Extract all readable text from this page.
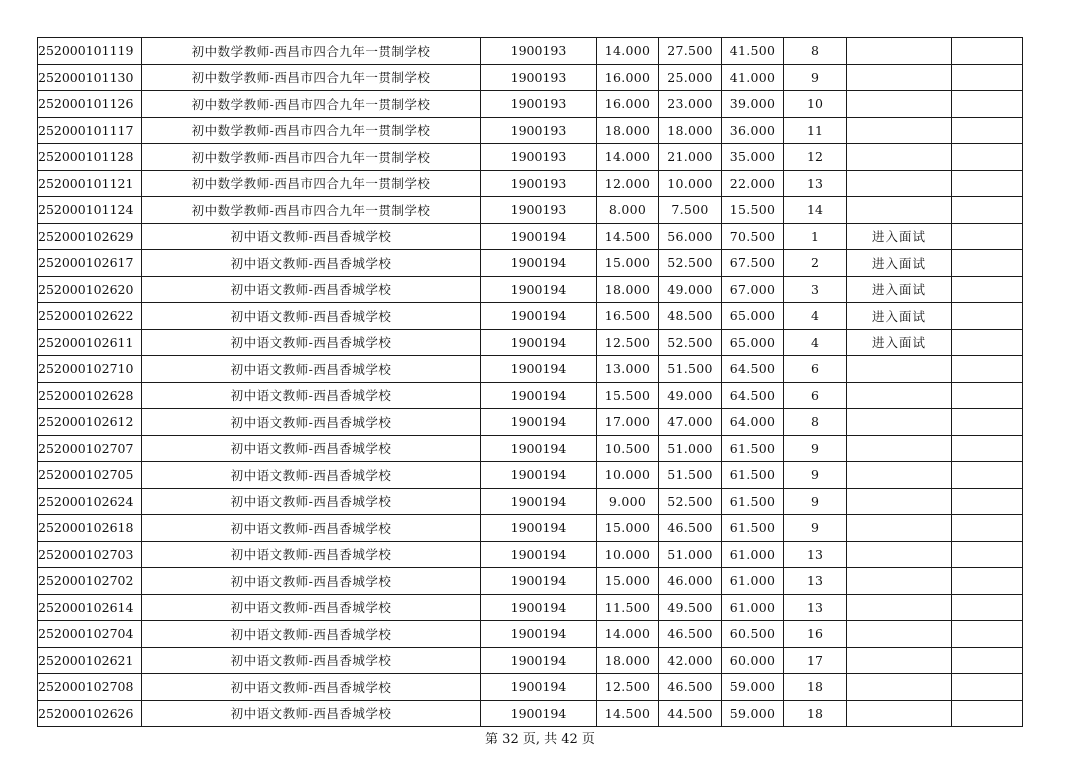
252000101119	初中数学教师-西昌市四合九年一贯制学校	1900193	14.000	27.500	41.500	8		
252000101130	初中数学教师-西昌市四合九年一贯制学校	1900193	16.000	25.000	41.000	9		
252000101126	初中数学教师-西昌市四合九年一贯制学校	1900193	16.000	23.000	39.000	10		
252000101117	初中数学教师-西昌市四合九年一贯制学校	1900193	18.000	18.000	36.000	11		
252000101128	初中数学教师-西昌市四合九年一贯制学校	1900193	14.000	21.000	35.000	12		
252000101121	初中数学教师-西昌市四合九年一贯制学校	1900193	12.000	10.000	22.000	13		
252000101124	初中数学教师-西昌市四合九年一贯制学校	1900193	8.000	7.500	15.500	14		
252000102629	初中语文教师-西昌香城学校	1900194	14.500	56.000	70.500	1	进入面试	
252000102617	初中语文教师-西昌香城学校	1900194	15.000	52.500	67.500	2	进入面试	
252000102620	初中语文教师-西昌香城学校	1900194	18.000	49.000	67.000	3	进入面试	
252000102622	初中语文教师-西昌香城学校	1900194	16.500	48.500	65.000	4	进入面试	
252000102611	初中语文教师-西昌香城学校	1900194	12.500	52.500	65.000	4	进入面试	
252000102710	初中语文教师-西昌香城学校	1900194	13.000	51.500	64.500	6		
252000102628	初中语文教师-西昌香城学校	1900194	15.500	49.000	64.500	6		
252000102612	初中语文教师-西昌香城学校	1900194	17.000	47.000	64.000	8		
252000102707	初中语文教师-西昌香城学校	1900194	10.500	51.000	61.500	9		
252000102705	初中语文教师-西昌香城学校	1900194	10.000	51.500	61.500	9		
252000102624	初中语文教师-西昌香城学校	1900194	9.000	52.500	61.500	9		
252000102618	初中语文教师-西昌香城学校	1900194	15.000	46.500	61.500	9		
252000102703	初中语文教师-西昌香城学校	1900194	10.000	51.000	61.000	13		
252000102702	初中语文教师-西昌香城学校	1900194	15.000	46.000	61.000	13		
252000102614	初中语文教师-西昌香城学校	1900194	11.500	49.500	61.000	13		
252000102704	初中语文教师-西昌香城学校	1900194	14.000	46.500	60.500	16		
252000102621	初中语文教师-西昌香城学校	1900194	18.000	42.000	60.000	17		
252000102708	初中语文教师-西昌香城学校	1900194	12.500	46.500	59.000	18		
252000102626	初中语文教师-西昌香城学校	1900194	14.500	44.500	59.000	18		
第 32 页, 共 42 页
